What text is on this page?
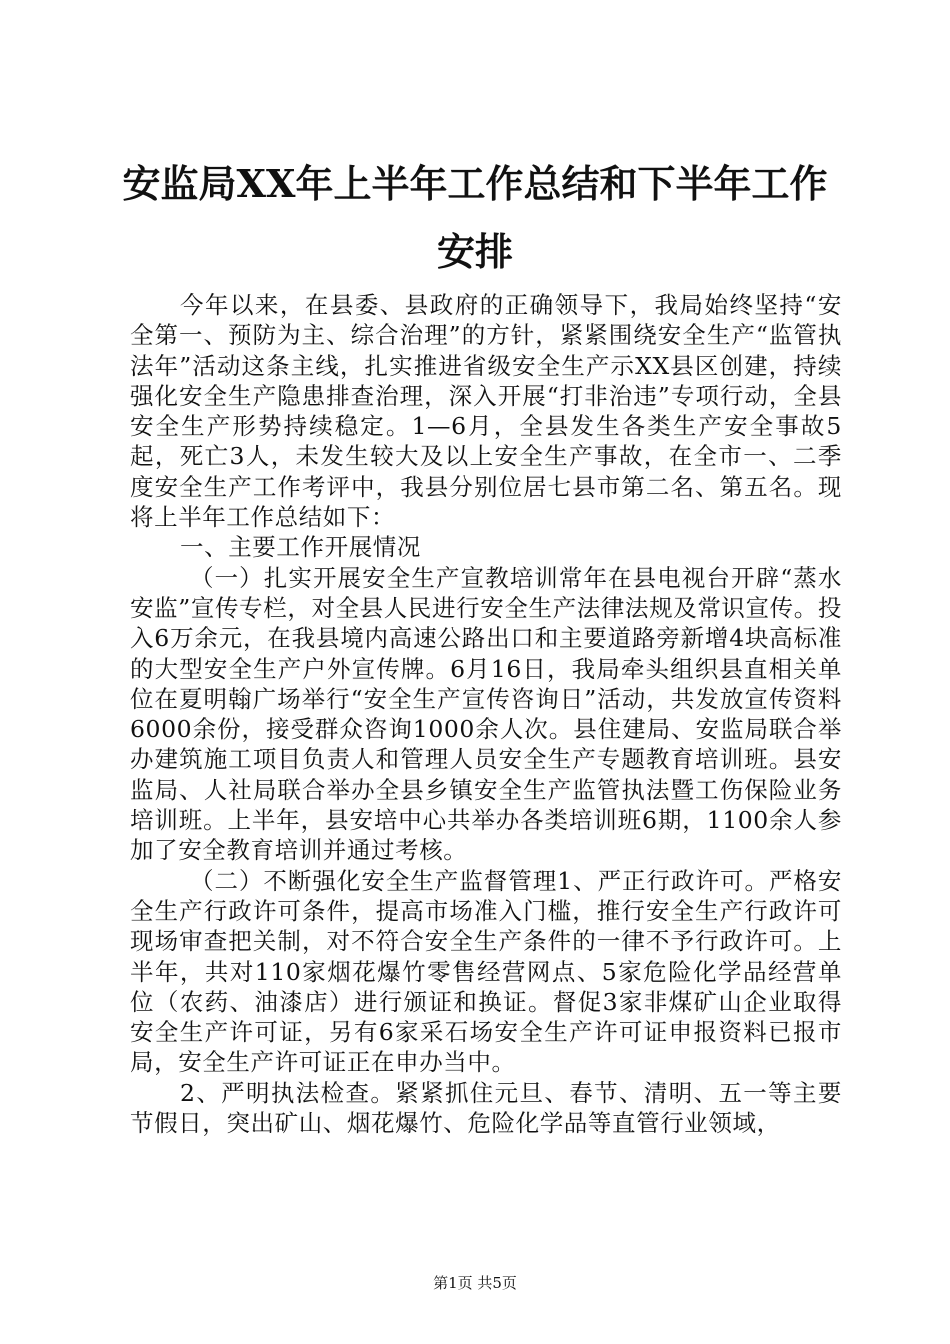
安监局XX年上半年工作总结和下半年工作安排

今年以来，在县委、县政府的正确领导下，我局始终坚持“安全第一、预防为主、综合治理”的方针，紧紧围绕安全生产“监管执法年”活动这条主线，扎实推进省级安全生产示XX县区创建，持续强化安全生产隐患排查治理，深入开展“打非治违”专项行动，全县安全生产形势持续稳定。1—6月，全县发生各类生产安全事故5起，死亡3人，未发生较大及以上安全生产事故，在全市一、二季度安全生产工作考评中，我县分别位居七县市第二名、第五名。现将上半年工作总结如下：

一、主要工作开展情况

（一）扎实开展安全生产宣教培训常年在县电视台开辟“蒸水安监”宣传专栏，对全县人民进行安全生产法律法规及常识宣传。投入6万余元，在我县境内高速公路出口和主要道路旁新增4块高标准的大型安全生产户外宣传牌。6月16日，我局牵头组织县直相关单位在夏明翰广场举行“安全生产宣传咨询日”活动，共发放宣传资料6000余份，接受群众咨询1000余人次。县住建局、安监局联合举办建筑施工项目负责人和管理人员安全生产专题教育培训班。县安监局、人社局联合举办全县乡镇安全生产监管执法暨工伤保险业务培训班。上半年，县安培中心共举办各类培训班6期，1100余人参加了安全教育培训并通过考核。

（二）不断强化安全生产监督管理1、严正行政许可。严格安全生产行政许可条件，提高市场准入门槛，推行安全生产行政许可现场审查把关制，对不符合安全生产条件的一律不予行政许可。上半年，共对110家烟花爆竹零售经营网点、5家危险化学品经营单位（农药、油漆店）进行颁证和换证。督促3家非煤矿山企业取得安全生产许可证，另有6家采石场安全生产许可证申报资料已报市局，安全生产许可证正在申办当中。

2、严明执法检查。紧紧抓住元旦、春节、清明、五一等主要节假日，突出矿山、烟花爆竹、危险化学品等直管行业领域，

第1页 共5页
